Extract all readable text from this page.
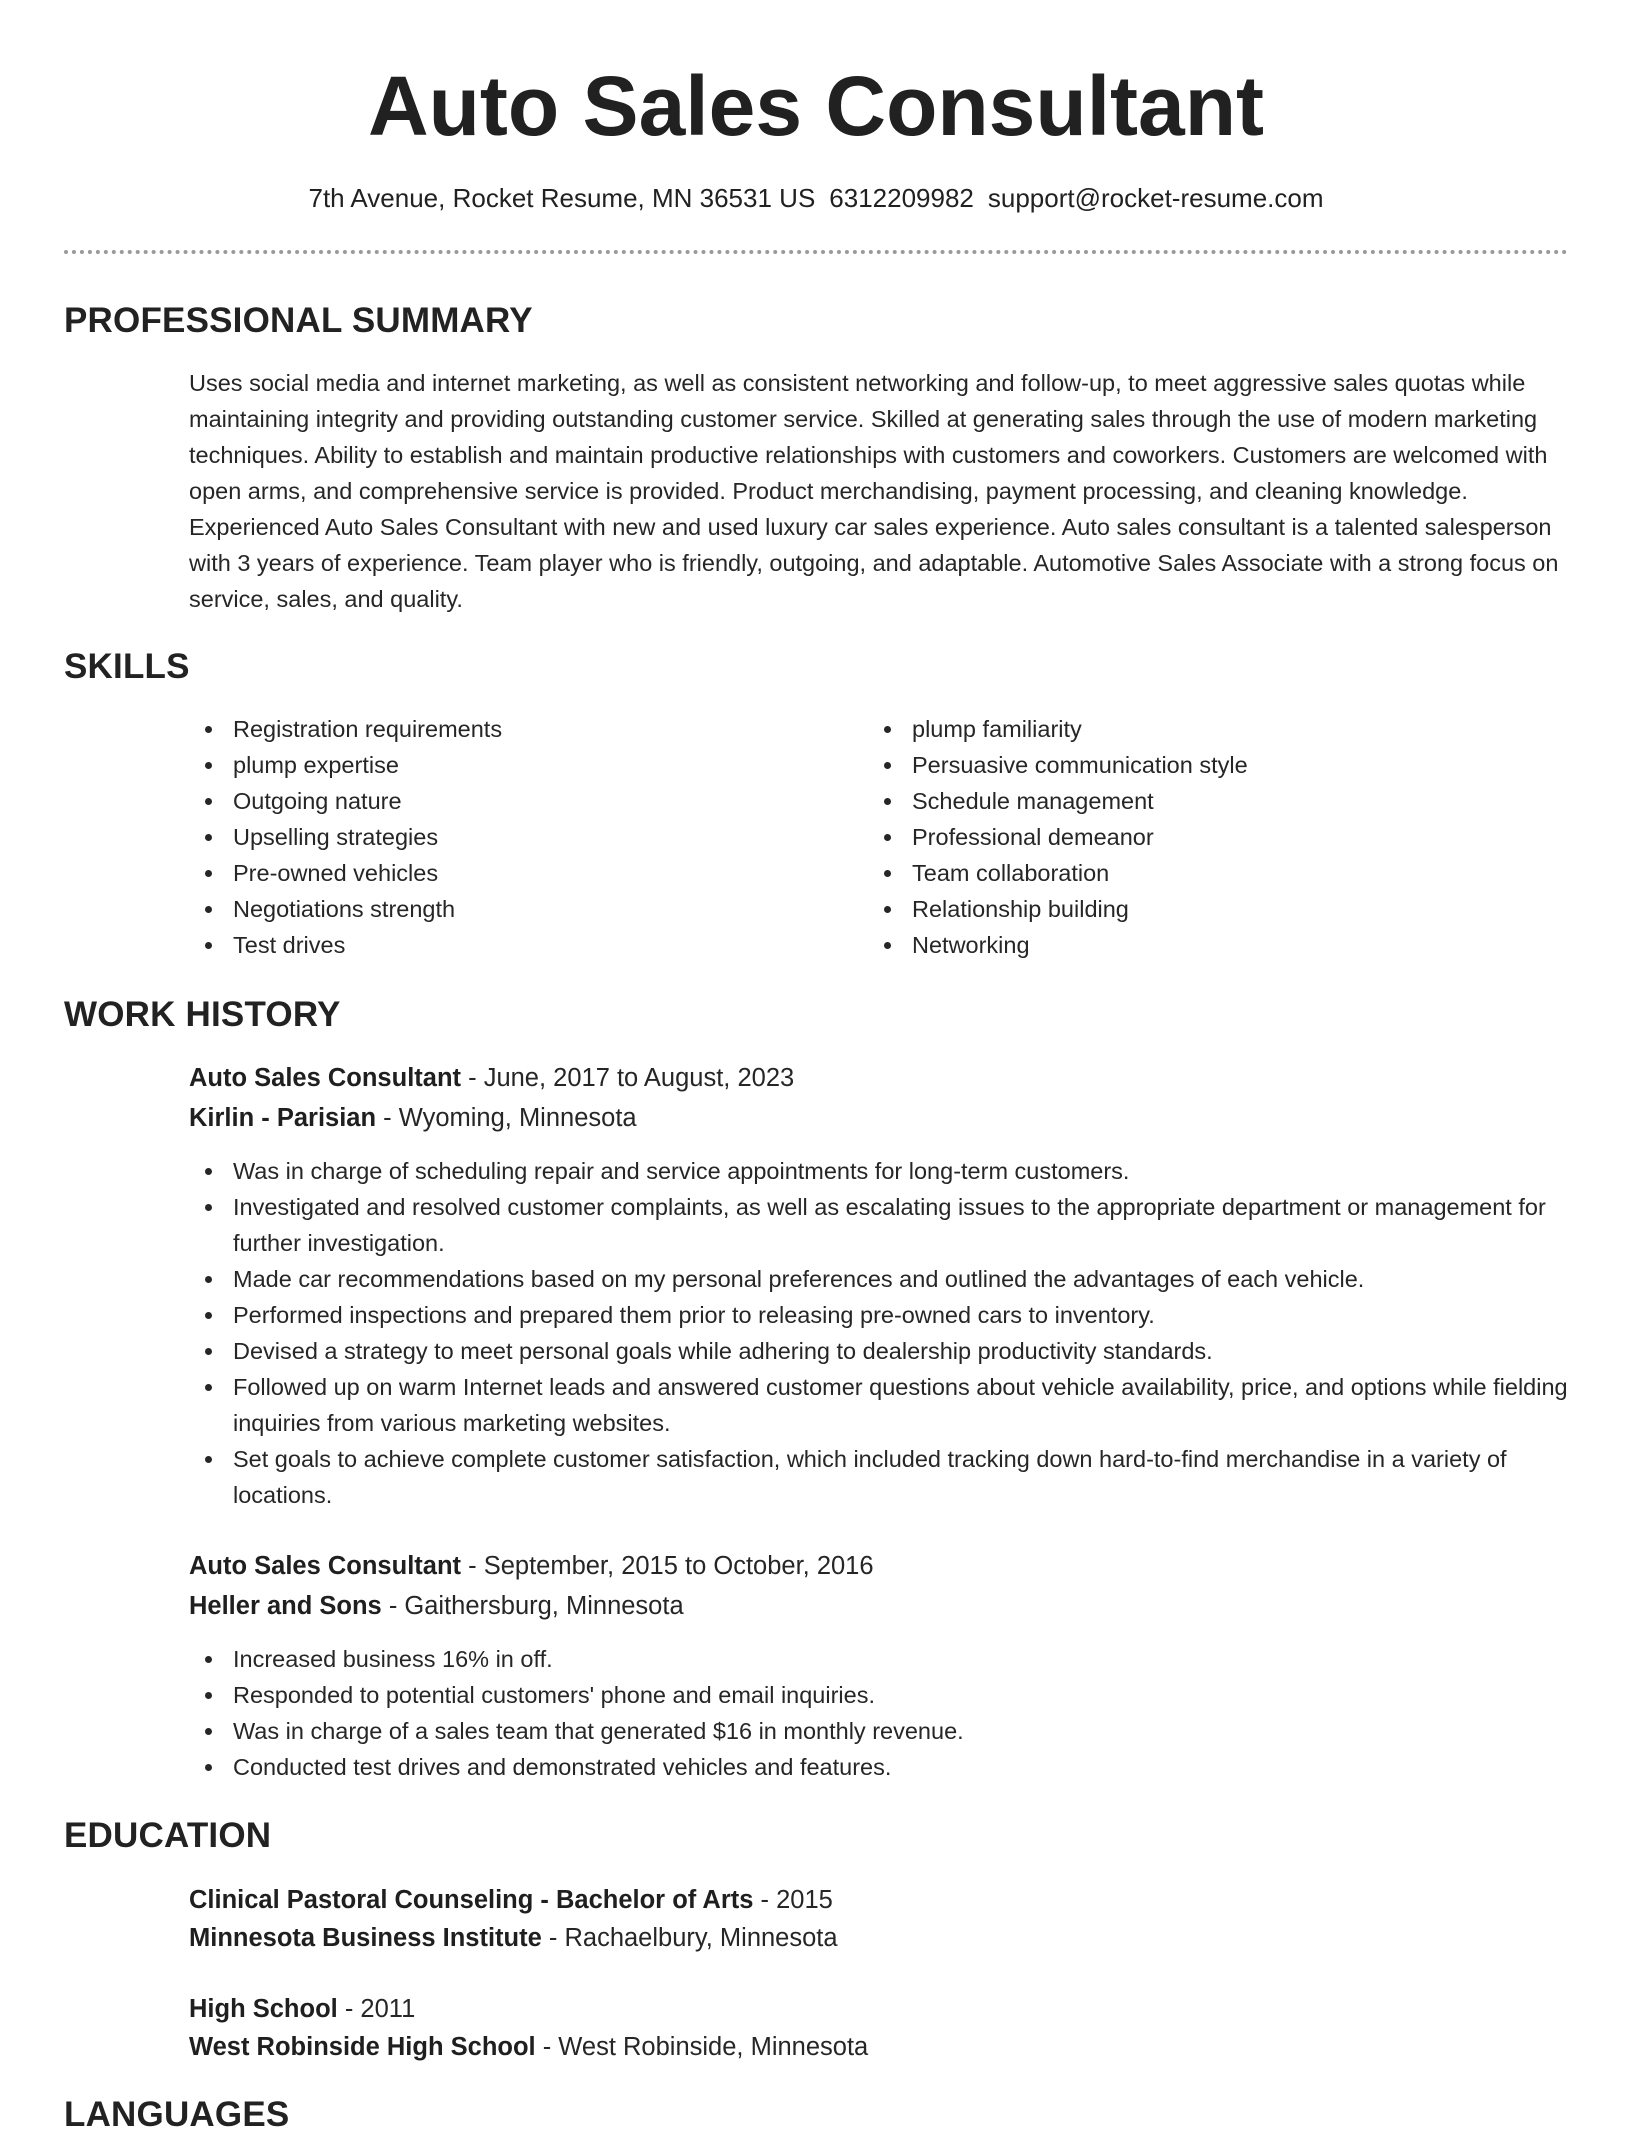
Auto Sales Consultant
7th Avenue, Rocket Resume, MN 36531 US 6312209982 support@rocket-resume.com
PROFESSIONAL SUMMARY
Uses social media and internet marketing, as well as consistent networking and follow-up, to meet aggressive sales quotas while maintaining integrity and providing outstanding customer service. Skilled at generating sales through the use of modern marketing techniques. Ability to establish and maintain productive relationships with customers and coworkers. Customers are welcomed with open arms, and comprehensive service is provided. Product merchandising, payment processing, and cleaning knowledge. Experienced Auto Sales Consultant with new and used luxury car sales experience. Auto sales consultant is a talented salesperson with 3 years of experience. Team player who is friendly, outgoing, and adaptable. Automotive Sales Associate with a strong focus on service, sales, and quality.
SKILLS
Registration requirements
plump expertise
Outgoing nature
Upselling strategies
Pre-owned vehicles
Negotiations strength
Test drives
plump familiarity
Persuasive communication style
Schedule management
Professional demeanor
Team collaboration
Relationship building
Networking
WORK HISTORY
Auto Sales Consultant - June, 2017 to August, 2023
Kirlin - Parisian - Wyoming, Minnesota
Was in charge of scheduling repair and service appointments for long-term customers.
Investigated and resolved customer complaints, as well as escalating issues to the appropriate department or management for further investigation.
Made car recommendations based on my personal preferences and outlined the advantages of each vehicle.
Performed inspections and prepared them prior to releasing pre-owned cars to inventory.
Devised a strategy to meet personal goals while adhering to dealership productivity standards.
Followed up on warm Internet leads and answered customer questions about vehicle availability, price, and options while fielding inquiries from various marketing websites.
Set goals to achieve complete customer satisfaction, which included tracking down hard-to-find merchandise in a variety of locations.
Auto Sales Consultant - September, 2015 to October, 2016
Heller and Sons - Gaithersburg, Minnesota
Increased business 16% in off.
Responded to potential customers' phone and email inquiries.
Was in charge of a sales team that generated $16 in monthly revenue.
Conducted test drives and demonstrated vehicles and features.
EDUCATION
Clinical Pastoral Counseling - Bachelor of Arts - 2015
Minnesota Business Institute - Rachaelbury, Minnesota
High School - 2011
West Robinside High School - West Robinside, Minnesota
LANGUAGES
